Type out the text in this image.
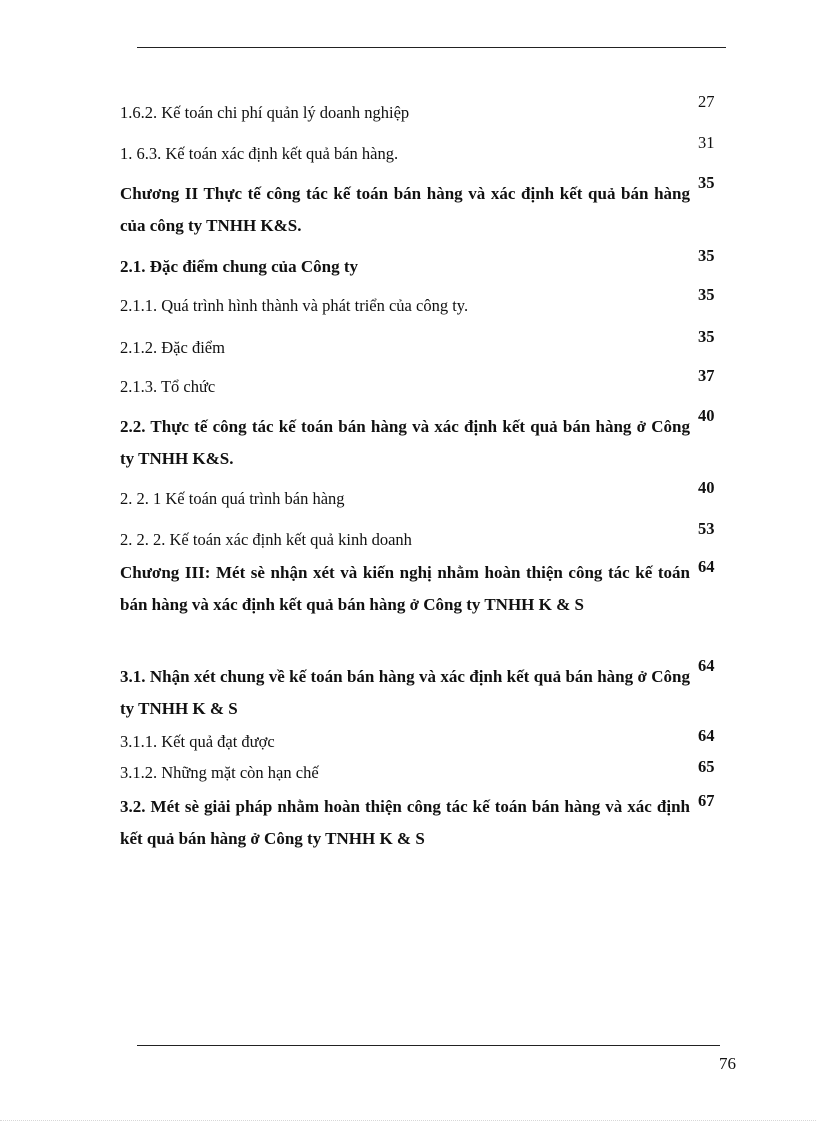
1.6.2. Kế toán chi phí quản lý doanh nghiệp
27
1. 6.3. Kế toán xác định kết quả bán hàng.
31
Chương II Thực tế công tác kế toán bán hàng và xác định kết quả bán hàng của công ty TNHH K&S.
35
2.1. Đặc điểm chung của Công ty
35
2.1.1. Quá trình hình thành và phát triển của công ty.
35
2.1.2. Đặc điểm
35
2.1.3. Tổ chức
37
2.2. Thực tế công tác kế toán bán hàng và xác định kết quả bán hàng ở Công ty TNHH K&S.
40
2. 2. 1 Kế toán quá trình bán hàng
40
2. 2. 2. Kế toán xác định kết quả kinh doanh
53
Chương III: Mét sè nhận xét và kiến nghị nhằm hoàn thiện công tác kế toán bán hàng và xác định kết quả bán hàng ở Công ty TNHH K & S
64
3.1. Nhận xét chung về kế toán bán hàng và xác định kết quả bán hàng ở Công ty TNHH K & S
64
3.1.1. Kết quả đạt được	64
3.1.2. Những mặt còn hạn chế	65
3.2. Mét sè giải pháp nhằm hoàn thiện công tác kế toán bán hàng và xác định kết quả bán hàng ở Công ty TNHH K & S
67
76
